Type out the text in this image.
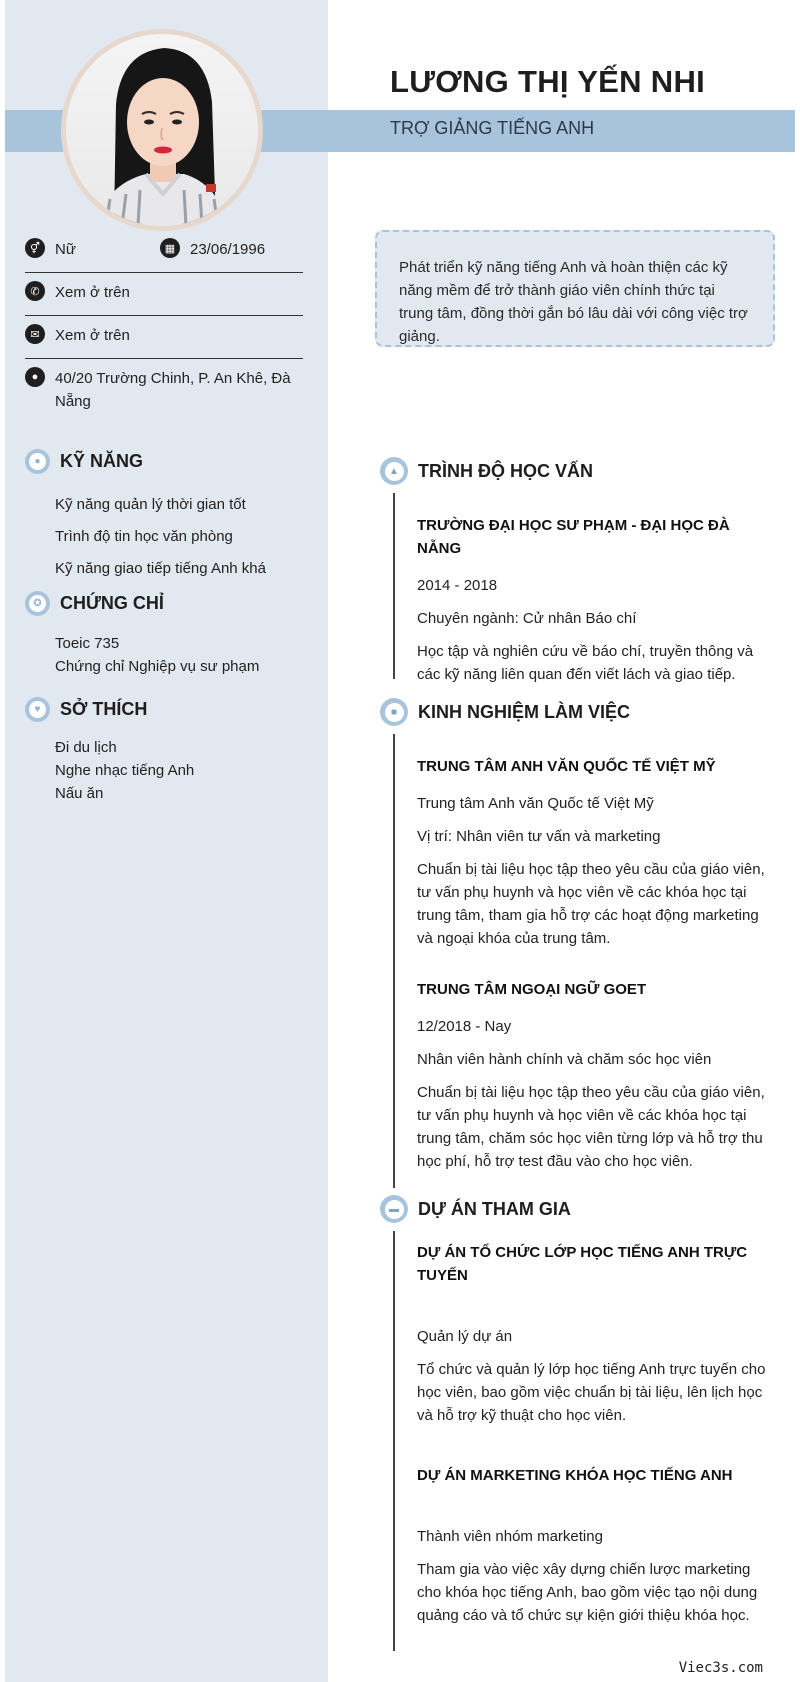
LƯƠNG THỊ YẾN NHI
TRỢ GIẢNG TIẾNG ANH
⚥	Nữ	▦ 23/06/1996
✆	Xem ở trên
✉	Xem ở trên
●	40/20 Trường Chinh, P. An Khê, Đà Nẵng
●	KỸ NĂNG
Kỹ năng quản lý thời gian tốt
Trình độ tin học văn phòng
Kỹ năng giao tiếp tiếng Anh khá
✪ CHỨNG CHỈ
Toeic 735
Chứng chỉ Nghiệp vụ sư phạm
♥	SỞ THÍCH
Đi du lịch
Nghe nhạc tiếng Anh
Nấu ăn
Phát triển kỹ năng tiếng Anh và hoàn thiện các kỹ năng mềm để trở thành giáo viên chính thức tại trung tâm, đồng thời gắn bó lâu dài với công việc trợ giảng.
▲ TRÌNH ĐỘ HỌC VẤN
TRƯỜNG ĐẠI HỌC SƯ PHẠM - ĐẠI HỌC ĐÀ NẴNG
2014 - 2018
Chuyên ngành: Cử nhân Báo chí
Học tập và nghiên cứu về báo chí, truyền thông và các kỹ năng liên quan đến viết lách và giao tiếp.
■	KINH NGHIỆM LÀM VIỆC
TRUNG TÂM ANH VĂN QUỐC TẾ VIỆT MỸ
Trung tâm Anh văn Quốc tế Việt Mỹ
Vị trí: Nhân viên tư vấn và marketing
Chuẩn bị tài liệu học tập theo yêu cầu của giáo viên, tư vấn phụ huynh và học viên về các khóa học tại trung tâm, tham gia hỗ trợ các hoạt động marketing và ngoại khóa của trung tâm.
TRUNG TÂM NGOẠI NGỮ GOET
12/2018 - Nay
Nhân viên hành chính và chăm sóc học viên
Chuẩn bị tài liệu học tập theo yêu cầu của giáo viên, tư vấn phụ huynh và học viên về các khóa học tại trung tâm, chăm sóc học viên từng lớp và hỗ trợ thu học phí, hỗ trợ test đầu vào cho học viên.
▬ DỰ ÁN THAM GIA
DỰ ÁN TỔ CHỨC LỚP HỌC TIẾNG ANH TRỰC TUYẾN
Quản lý dự án
Tổ chức và quản lý lớp học tiếng Anh trực tuyến cho học viên, bao gồm việc chuẩn bị tài liệu, lên lịch học và hỗ trợ kỹ thuật cho học viên.
DỰ ÁN MARKETING KHÓA HỌC TIẾNG ANH
Thành viên nhóm marketing
Tham gia vào việc xây dựng chiến lược marketing cho khóa học tiếng Anh, bao gồm việc tạo nội dung quảng cáo và tổ chức sự kiện giới thiệu khóa học.
Viec3s.com
